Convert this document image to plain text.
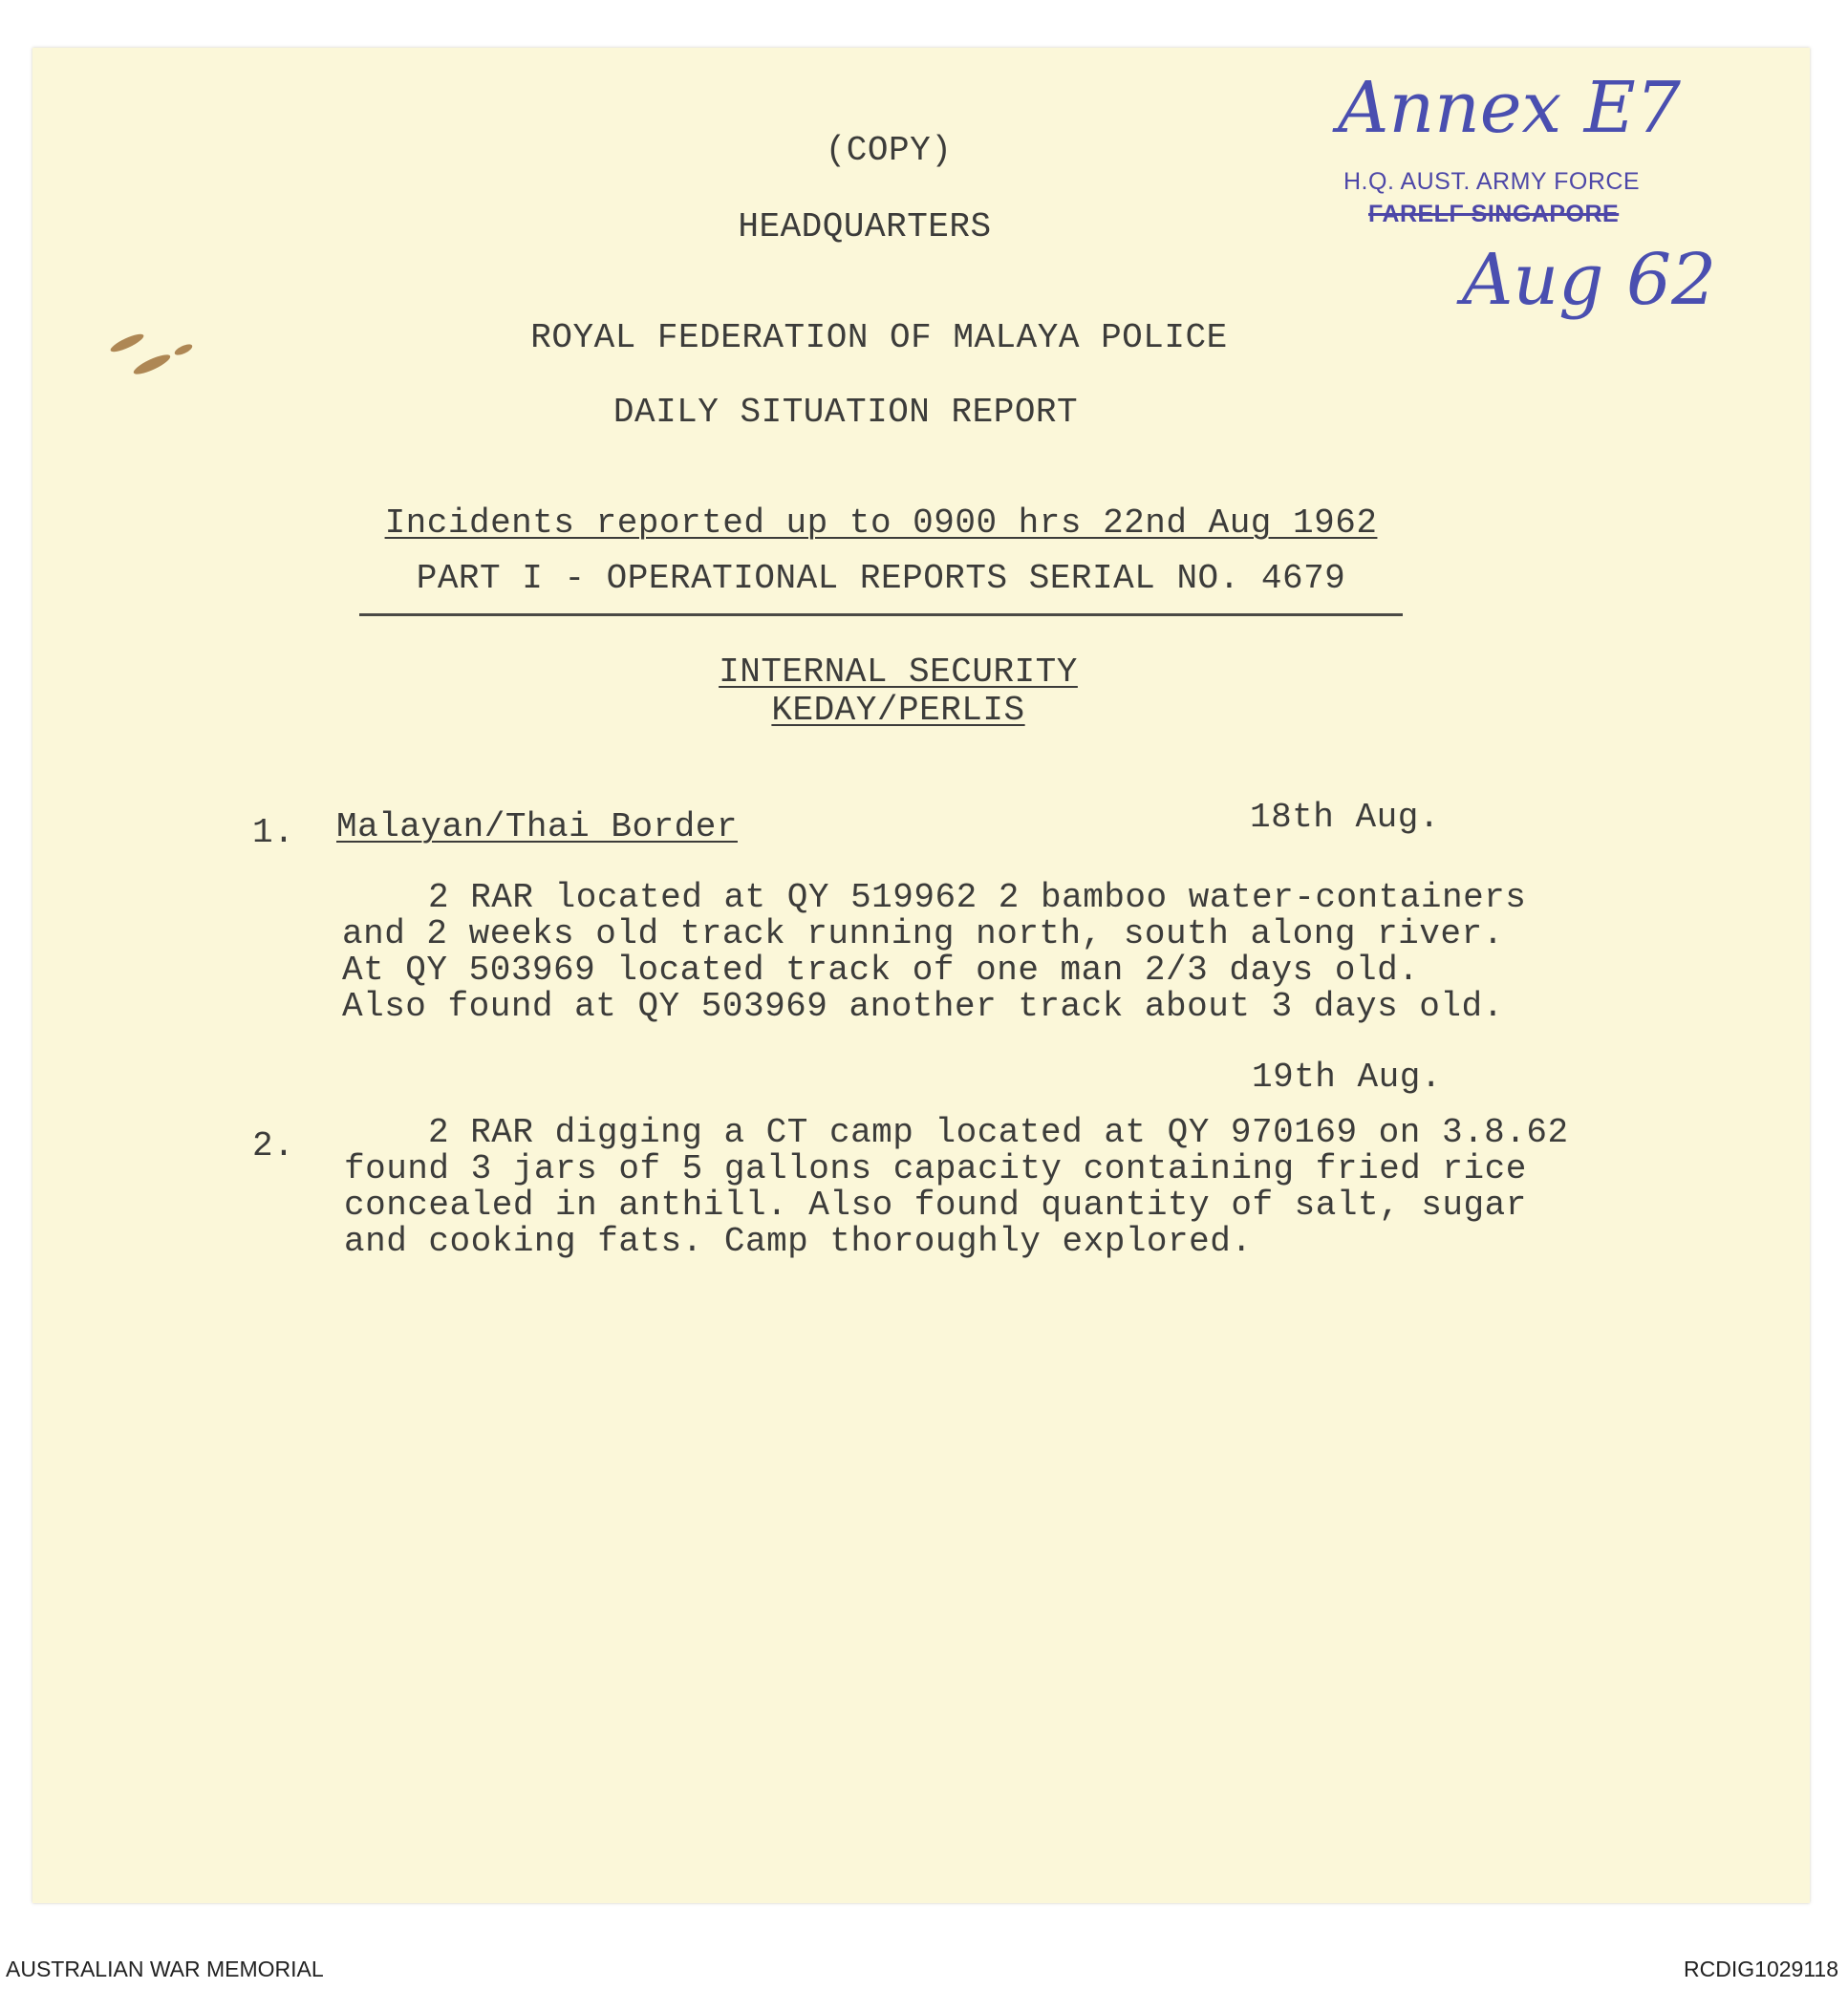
(COPY)
HEADQUARTERS
ROYAL FEDERATION OF MALAYA POLICE
DAILY SITUATION REPORT
Annex E7
H.Q. AUST. ARMY FORCE
FARELF SINGAPORE
Aug 62
Incidents reported up to 0900 hrs 22nd Aug 1962
PART I - OPERATIONAL REPORTS SERIAL NO. 4679
INTERNAL SECURITY
KEDAY/PERLIS
1. Malayan/Thai Border	18th Aug.
2 RAR located at QY 519962 2 bamboo water-containers
and 2 weeks old track running north, south along river.
At QY 503969 located track of one man 2/3 days old.
Also found at QY 503969 another track about 3 days old.
19th Aug.
2.	2 RAR digging a CT camp located at QY 970169 on 3.8.62
found 3 jars of 5 gallons capacity containing fried rice
concealed in anthill. Also found quantity of salt, sugar
and cooking fats. Camp thoroughly explored.
AUSTRALIAN WAR MEMORIAL	RCDIG1029118
